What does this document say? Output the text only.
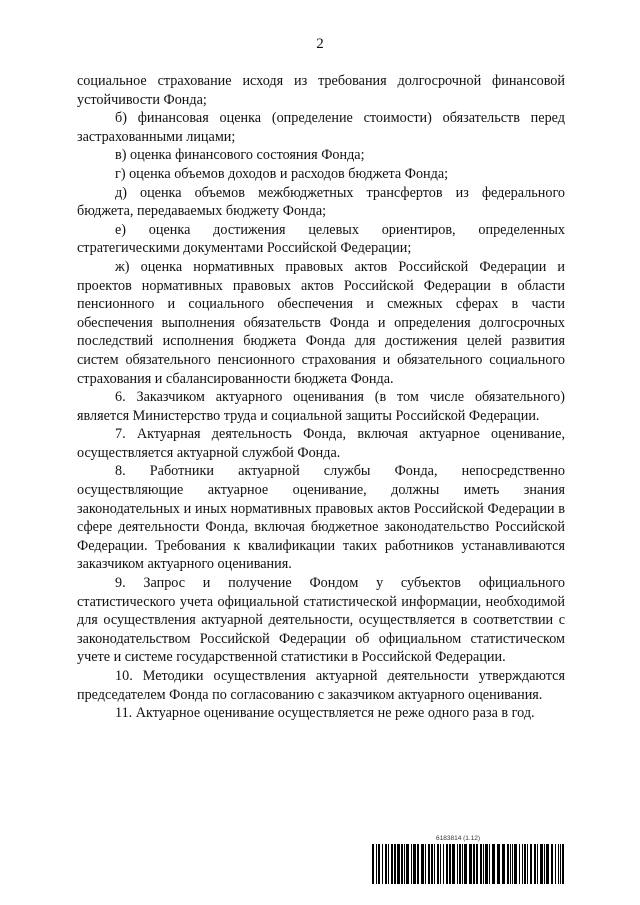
2

социальное страхование исходя из требования долгосрочной финансовой устойчивости Фонда;

б) финансовая оценка (определение стоимости) обязательств перед застрахованными лицами;

в) оценка финансового состояния Фонда;

г) оценка объемов доходов и расходов бюджета Фонда;

д) оценка объемов межбюджетных трансфертов из федерального бюджета, передаваемых бюджету Фонда;

е) оценка достижения целевых ориентиров, определенных стратегическими документами Российской Федерации;

ж) оценка нормативных правовых актов Российской Федерации и проектов нормативных правовых актов Российской Федерации в области пенсионного и социального обеспечения и смежных сферах в части обеспечения выполнения обязательств Фонда и определения долгосрочных последствий исполнения бюджета Фонда для достижения целей развития систем обязательного пенсионного страхования и обязательного социального страхования и сбалансированности бюджета Фонда.

6. Заказчиком актуарного оценивания (в том числе обязательного) является Министерство труда и социальной защиты Российской Федерации.

7. Актуарная деятельность Фонда, включая актуарное оценивание, осуществляется актуарной службой Фонда.

8. Работники актуарной службы Фонда, непосредственно осуществляющие актуарное оценивание, должны иметь знания законодательных и иных нормативных правовых актов Российской Федерации в сфере деятельности Фонда, включая бюджетное законодательство Российской Федерации. Требования к квалификации таких работников устанавливаются заказчиком актуарного оценивания.

9. Запрос и получение Фондом у субъектов официального статистического учета официальной статистической информации, необходимой для осуществления актуарной деятельности, осуществляется в соответствии с законодательством Российской Федерации об официальном статистическом учете и системе государственной статистики в Российской Федерации.

10. Методики осуществления актуарной деятельности утверждаются председателем Фонда по согласованию с заказчиком актуарного оценивания.

11. Актуарное оценивание осуществляется не реже одного раза в год.

6183814 (1.12)
